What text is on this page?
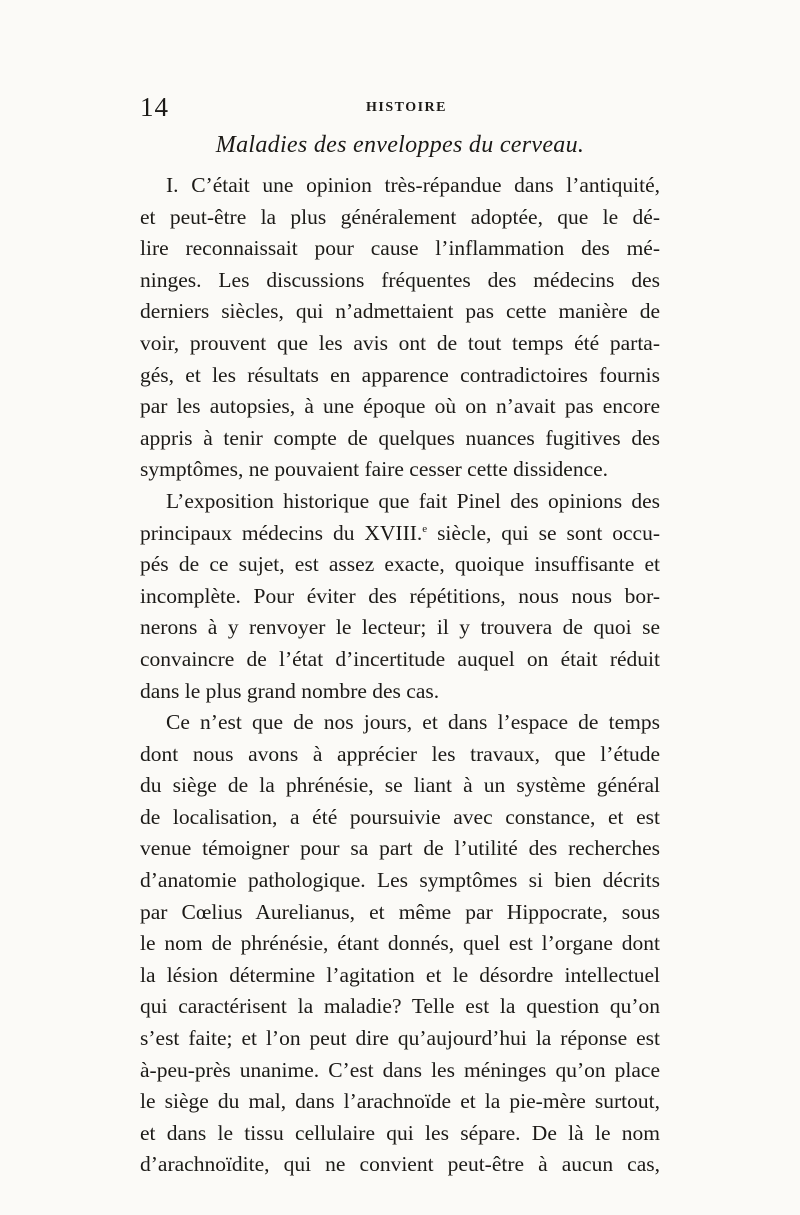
14	HISTOIRE
Maladies des enveloppes du cerveau.
I. C’était une opinion très-répandue dans l’antiquité,
et peut-être la plus généralement adoptée, que le dé-
lire reconnaissait pour cause l’inflammation des mé-
ninges. Les discussions fréquentes des médecins des
derniers siècles, qui n’admettaient pas cette manière de
voir, prouvent que les avis ont de tout temps été parta-
gés, et les résultats en apparence contradictoires fournis
par les autopsies, à une époque où on n’avait pas encore
appris à tenir compte de quelques nuances fugitives des
symptômes, ne pouvaient faire cesser cette dissidence.
L’exposition historique que fait Pinel des opinions des
principaux médecins du XVIII.$^e$ siècle, qui se sont occu-
pés de ce sujet, est assez exacte, quoique insuffisante et
incomplète. Pour éviter des répétitions, nous nous bor-
nerons à y renvoyer le lecteur; il y trouvera de quoi se
convaincre de l’état d’incertitude auquel on était réduit
dans le plus grand nombre des cas.
Ce n’est que de nos jours, et dans l’espace de temps
dont nous avons à apprécier les travaux, que l’étude
du siège de la phrénésie, se liant à un système général
de localisation, a été poursuivie avec constance, et est
venue témoigner pour sa part de l’utilité des recherches
d’anatomie pathologique. Les symptômes si bien décrits
par Cœlius Aurelianus, et même par Hippocrate, sous
le nom de phrénésie, étant donnés, quel est l’organe dont
la lésion détermine l’agitation et le désordre intellectuel
qui caractérisent la maladie? Telle est la question qu’on
s’est faite; et l’on peut dire qu’aujourd’hui la réponse est
à-peu-près unanime. C’est dans les méninges qu’on place
le siège du mal, dans l’arachnoïde et la pie-mère surtout,
et dans le tissu cellulaire qui les sépare. De là le nom
d’arachnoïdite, qui ne convient peut-être à aucun cas,
